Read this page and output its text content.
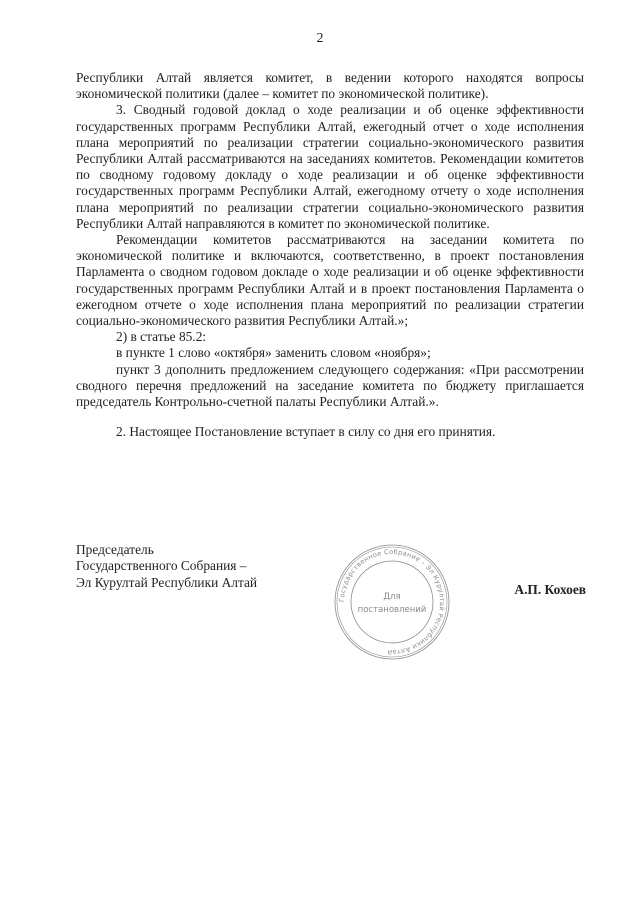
2

Республики Алтай является комитет, в ведении которого находятся вопросы экономической политики (далее – комитет по экономической политике).

3. Сводный годовой доклад о ходе реализации и об оценке эффективности государственных программ Республики Алтай, ежегодный отчет о ходе исполнения плана мероприятий по реализации стратегии социально-экономического развития Республики Алтай рассматриваются на заседаниях комитетов. Рекомендации комитетов по сводному годовому докладу о ходе реализации и об оценке эффективности государственных программ Республики Алтай, ежегодному отчету о ходе исполнения плана мероприятий по реализации стратегии социально-экономического развития Республики Алтай направляются в комитет по экономической политике.

Рекомендации комитетов рассматриваются на заседании комитета по экономической политике и включаются, соответственно, в проект постановления Парламента о сводном годовом докладе о ходе реализации и об оценке эффективности государственных программ Республики Алтай и в проект постановления Парламента о ежегодном отчете о ходе исполнения плана мероприятий по реализации стратегии социально-экономического развития Республики Алтай.»;

2) в статье 85.2:

в пункте 1 слово «октября» заменить словом «ноября»;

пункт 3 дополнить предложением следующего содержания: «При рассмотрении сводного перечня предложений на заседание комитета по бюджету приглашается председатель Контрольно-счетной палаты Республики Алтай.».

2. Настоящее Постановление вступает в силу со дня его принятия.

Председатель
Государственного Собрания –
Эл Курултай Республики Алтай
Государственное Собрание – Эл Курултай Республики Алтай
Для
постановлений
А.П. Кохоев
